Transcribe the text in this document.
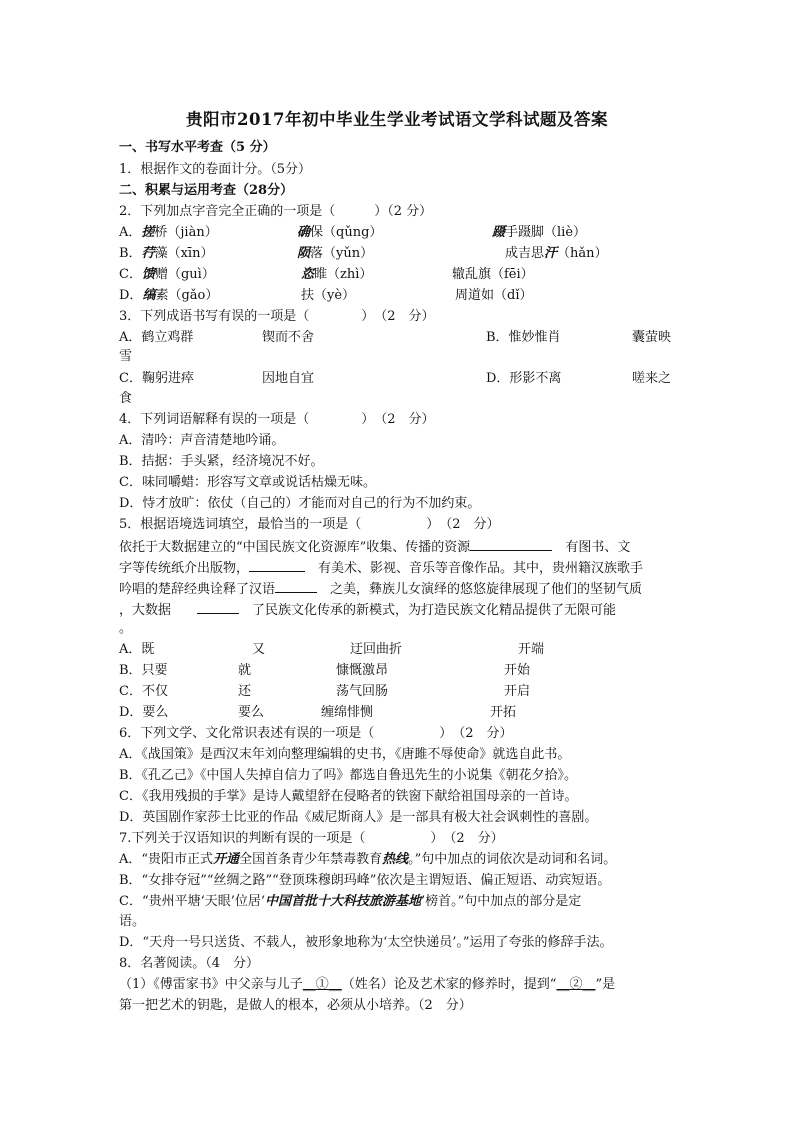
贵阳市2017年初中毕业生学业考试语文学科试题及答案
一、书写水平考查（5 分）
1．根据作文的卷面计分。（5分）
二、积累与运用考查（28分）
2．下列加点字音完全正确的一项是（　　　）（2 分）
A．搓桥（jiàn）	确保（qǔng）	蹑手蹑脚（liè）
B．荇藻（xīn）	陨落（yǔn）	成吉思汗（hǎn）
C．馈赠（guì）	恣睢（zhì）	辙乱旗（fēi）
D．缟素（gǎo）	扶（yè）	周道如（dǐ）
3．下列成语书写有误的一项是（　　　　）　（2　分）
A．鹤立鸡群	锲而不舍	B．惟妙惟肖	囊萤映
雪
C．鞠躬进瘁	因地自宜	D．形影不离	嗟来之
食
4．下列词语解释有误的一项是（　　　　）　（2　分）
A．清吟：声音清楚地吟诵。
B．拮据：手头紧，经济境况不好。
C．味同嚼蜡：形容写文章或说话枯燥无味。
D．恃才放旷：依仗（自己的）才能而对自己的行为不加约束。
5．根据语境选词填空，最恰当的一项是（　　　　　）　（2　分）
依托于大数据建立的“中国民族文化资源库”收集、传播的资源　	有图书、文
字等传统纸介出版物，　	有美术、影视、音乐等音像作品。其中，贵州籍汉族歌手
吟唱的楚辞经典诠释了汉语　	之美，彝族儿女演绎的悠悠旋律展现了他们的坚韧气质
，大数据　　　	了民族文化传承的新模式，为打造民族文化精品提供了无限可能
。
A．既	又	迂回曲折	开端
B．只要	就	慷慨激昂	开始
C．不仅	还	荡气回肠	开启
D．要么	要么	缠绵悱恻	开拓
6．下列文学、文化常识表述有误的一项是（　　　　　）　（2　分）
A．《战国策》是西汉末年刘向整理编辑的史书，《唐雎不辱使命》就选自此书。
B．《孔乙己》《中国人失掉自信力了吗》都选自鲁迅先生的小说集《朝花夕拾》。
C．《我用残损的手掌》是诗人戴望舒在侵略者的铁窗下献给祖国母亲的一首诗。
D．英国剧作家莎士比亚的作品《威尼斯商人》是一部具有极大社会讽刺性的喜剧。
7.下列关于汉语知识的判断有误的一项是（　　　　　）　（2　分）
A．“贵阳市正式开通全国首条青少年禁毒教育热线。”句中加点的词依次是动词和名词。
B．“女排夺冠”“丝绸之路”“登顶珠穆朗玛峰”依次是主谓短语、偏正短语、动宾短语。
C．“贵州平塘‘天眼’位居‘中国首批十大科技旅游基地’榜首。”句中加点的部分是定
语。
D．“天舟一号只送货、不载人，被形象地称为‘太空快递员’。”运用了夸张的修辞手法。
8．名著阅读。（4　分）
（1）《傅雷家书》中父亲与儿子__①__（姓名）论及艺术家的修养时，提到“__②__”是
第一把艺术的钥匙，是做人的根本，必须从小培养。（2　分）
